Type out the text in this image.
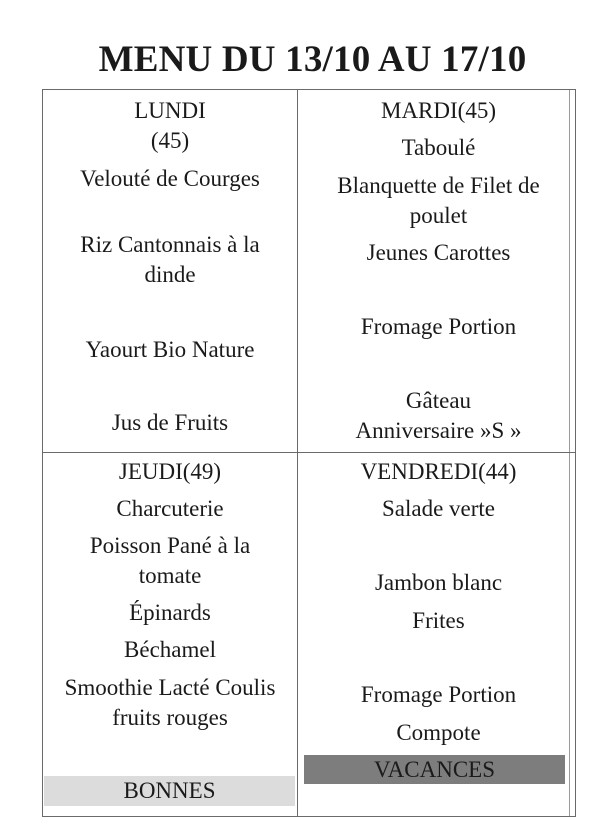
MENU DU 13/10 AU 17/10
LUNDI
(45)
Velouté de Courges
Riz Cantonnais à la
dinde
Yaourt Bio Nature
Jus de Fruits
MARDI(45)
Taboulé
Blanquette de Filet de
poulet
Jeunes Carottes
Fromage Portion
Gâteau
Anniversaire »S »
JEUDI(49)
Charcuterie
Poisson Pané à la
tomate
Épinards
Béchamel
Smoothie Lacté Coulis
fruits rouges
BONNES
VENDREDI(44)
Salade verte
Jambon blanc
Frites
Fromage Portion
Compote
VACANCES
